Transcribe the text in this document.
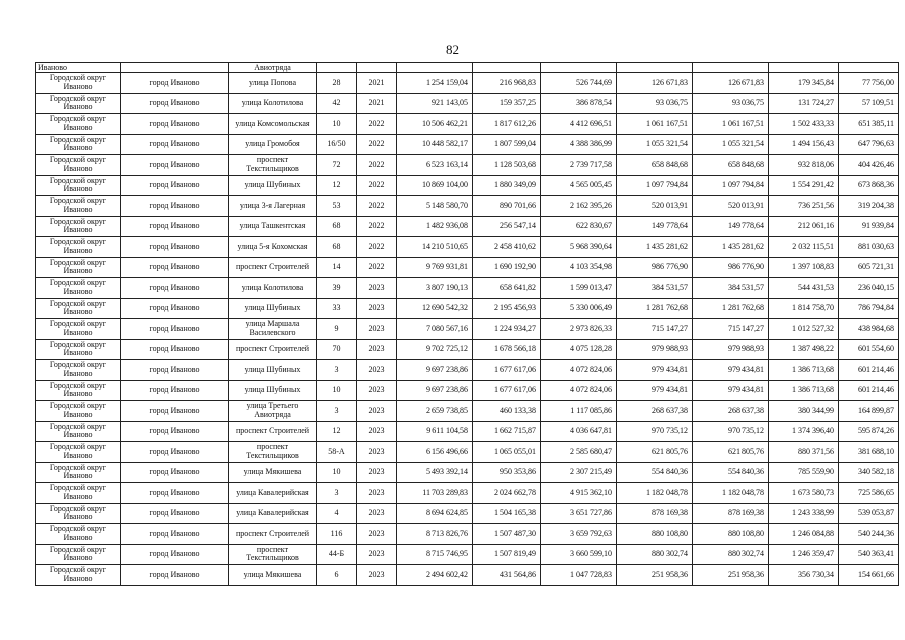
82
Иваново		Авиотряда									
Городской округ Иваново	город Иваново	улица Попова	28	2021	1 254 159,04	216 968,83	526 744,69	126 671,83	126 671,83	179 345,84	77 756,00
Городской округ Иваново	город Иваново	улица Колотилова	42	2021	921 143,05	159 357,25	386 878,54	93 036,75	93 036,75	131 724,27	57 109,51
Городской округ Иваново	город Иваново	улица Комсомольская	10	2022	10 506 462,21	1 817 612,26	4 412 696,51	1 061 167,51	1 061 167,51	1 502 433,33	651 385,11
Городской округ Иваново	город Иваново	улица Громобоя	16/50	2022	10 448 582,17	1 807 599,04	4 388 386,99	1 055 321,54	1 055 321,54	1 494 156,43	647 796,63
Городской округ Иваново	город Иваново	проспект Текстильщиков	72	2022	6 523 163,14	1 128 503,68	2 739 717,58	658 848,68	658 848,68	932 818,06	404 426,46
Городской округ Иваново	город Иваново	улица Шубиных	12	2022	10 869 104,00	1 880 349,09	4 565 005,45	1 097 794,84	1 097 794,84	1 554 291,42	673 868,36
Городской округ Иваново	город Иваново	улица 3-я Лагерная	53	2022	5 148 580,70	890 701,66	2 162 395,26	520 013,91	520 013,91	736 251,56	319 204,38
Городской округ Иваново	город Иваново	улица Ташкентская	68	2022	1 482 936,08	256 547,14	622 830,67	149 778,64	149 778,64	212 061,16	91 939,84
Городской округ Иваново	город Иваново	улица 5-я Кохомская	68	2022	14 210 510,65	2 458 410,62	5 968 390,64	1 435 281,62	1 435 281,62	2 032 115,51	881 030,63
Городской округ Иваново	город Иваново	проспект Строителей	14	2022	9 769 931,81	1 690 192,90	4 103 354,98	986 776,90	986 776,90	1 397 108,83	605 721,31
Городской округ Иваново	город Иваново	улица Колотилова	39	2023	3 807 190,13	658 641,82	1 599 013,47	384 531,57	384 531,57	544 431,53	236 040,15
Городской округ Иваново	город Иваново	улица Шубиных	33	2023	12 690 542,32	2 195 456,93	5 330 006,49	1 281 762,68	1 281 762,68	1 814 758,70	786 794,84
Городской округ Иваново	город Иваново	улица Маршала Василевского	9	2023	7 080 567,16	1 224 934,27	2 973 826,33	715 147,27	715 147,27	1 012 527,32	438 984,68
Городской округ Иваново	город Иваново	проспект Строителей	70	2023	9 702 725,12	1 678 566,18	4 075 128,28	979 988,93	979 988,93	1 387 498,22	601 554,60
Городской округ Иваново	город Иваново	улица Шубиных	3	2023	9 697 238,86	1 677 617,06	4 072 824,06	979 434,81	979 434,81	1 386 713,68	601 214,46
Городской округ Иваново	город Иваново	улица Шубиных	10	2023	9 697 238,86	1 677 617,06	4 072 824,06	979 434,81	979 434,81	1 386 713,68	601 214,46
Городской округ Иваново	город Иваново	улица Третьего Авиотряда	3	2023	2 659 738,85	460 133,38	1 117 085,86	268 637,38	268 637,38	380 344,99	164 899,87
Городской округ Иваново	город Иваново	проспект Строителей	12	2023	9 611 104,58	1 662 715,87	4 036 647,81	970 735,12	970 735,12	1 374 396,40	595 874,26
Городской округ Иваново	город Иваново	проспект Текстильщиков	58-А	2023	6 156 496,66	1 065 055,01	2 585 680,47	621 805,76	621 805,76	880 371,56	381 688,10
Городской округ Иваново	город Иваново	улица Мякишева	10	2023	5 493 392,14	950 353,86	2 307 215,49	554 840,36	554 840,36	785 559,90	340 582,18
Городской округ Иваново	город Иваново	улица Кавалерийская	3	2023	11 703 289,83	2 024 662,78	4 915 362,10	1 182 048,78	1 182 048,78	1 673 580,73	725 586,65
Городской округ Иваново	город Иваново	улица Кавалерийская	4	2023	8 694 624,85	1 504 165,38	3 651 727,86	878 169,38	878 169,38	1 243 338,99	539 053,87
Городской округ Иваново	город Иваново	проспект Строителей	116	2023	8 713 826,76	1 507 487,30	3 659 792,63	880 108,80	880 108,80	1 246 084,88	540 244,36
Городской округ Иваново	город Иваново	проспект Текстильщиков	44-Б	2023	8 715 746,95	1 507 819,49	3 660 599,10	880 302,74	880 302,74	1 246 359,47	540 363,41
Городской округ Иваново	город Иваново	улица Мякишева	6	2023	2 494 602,42	431 564,86	1 047 728,83	251 958,36	251 958,36	356 730,34	154 661,66
